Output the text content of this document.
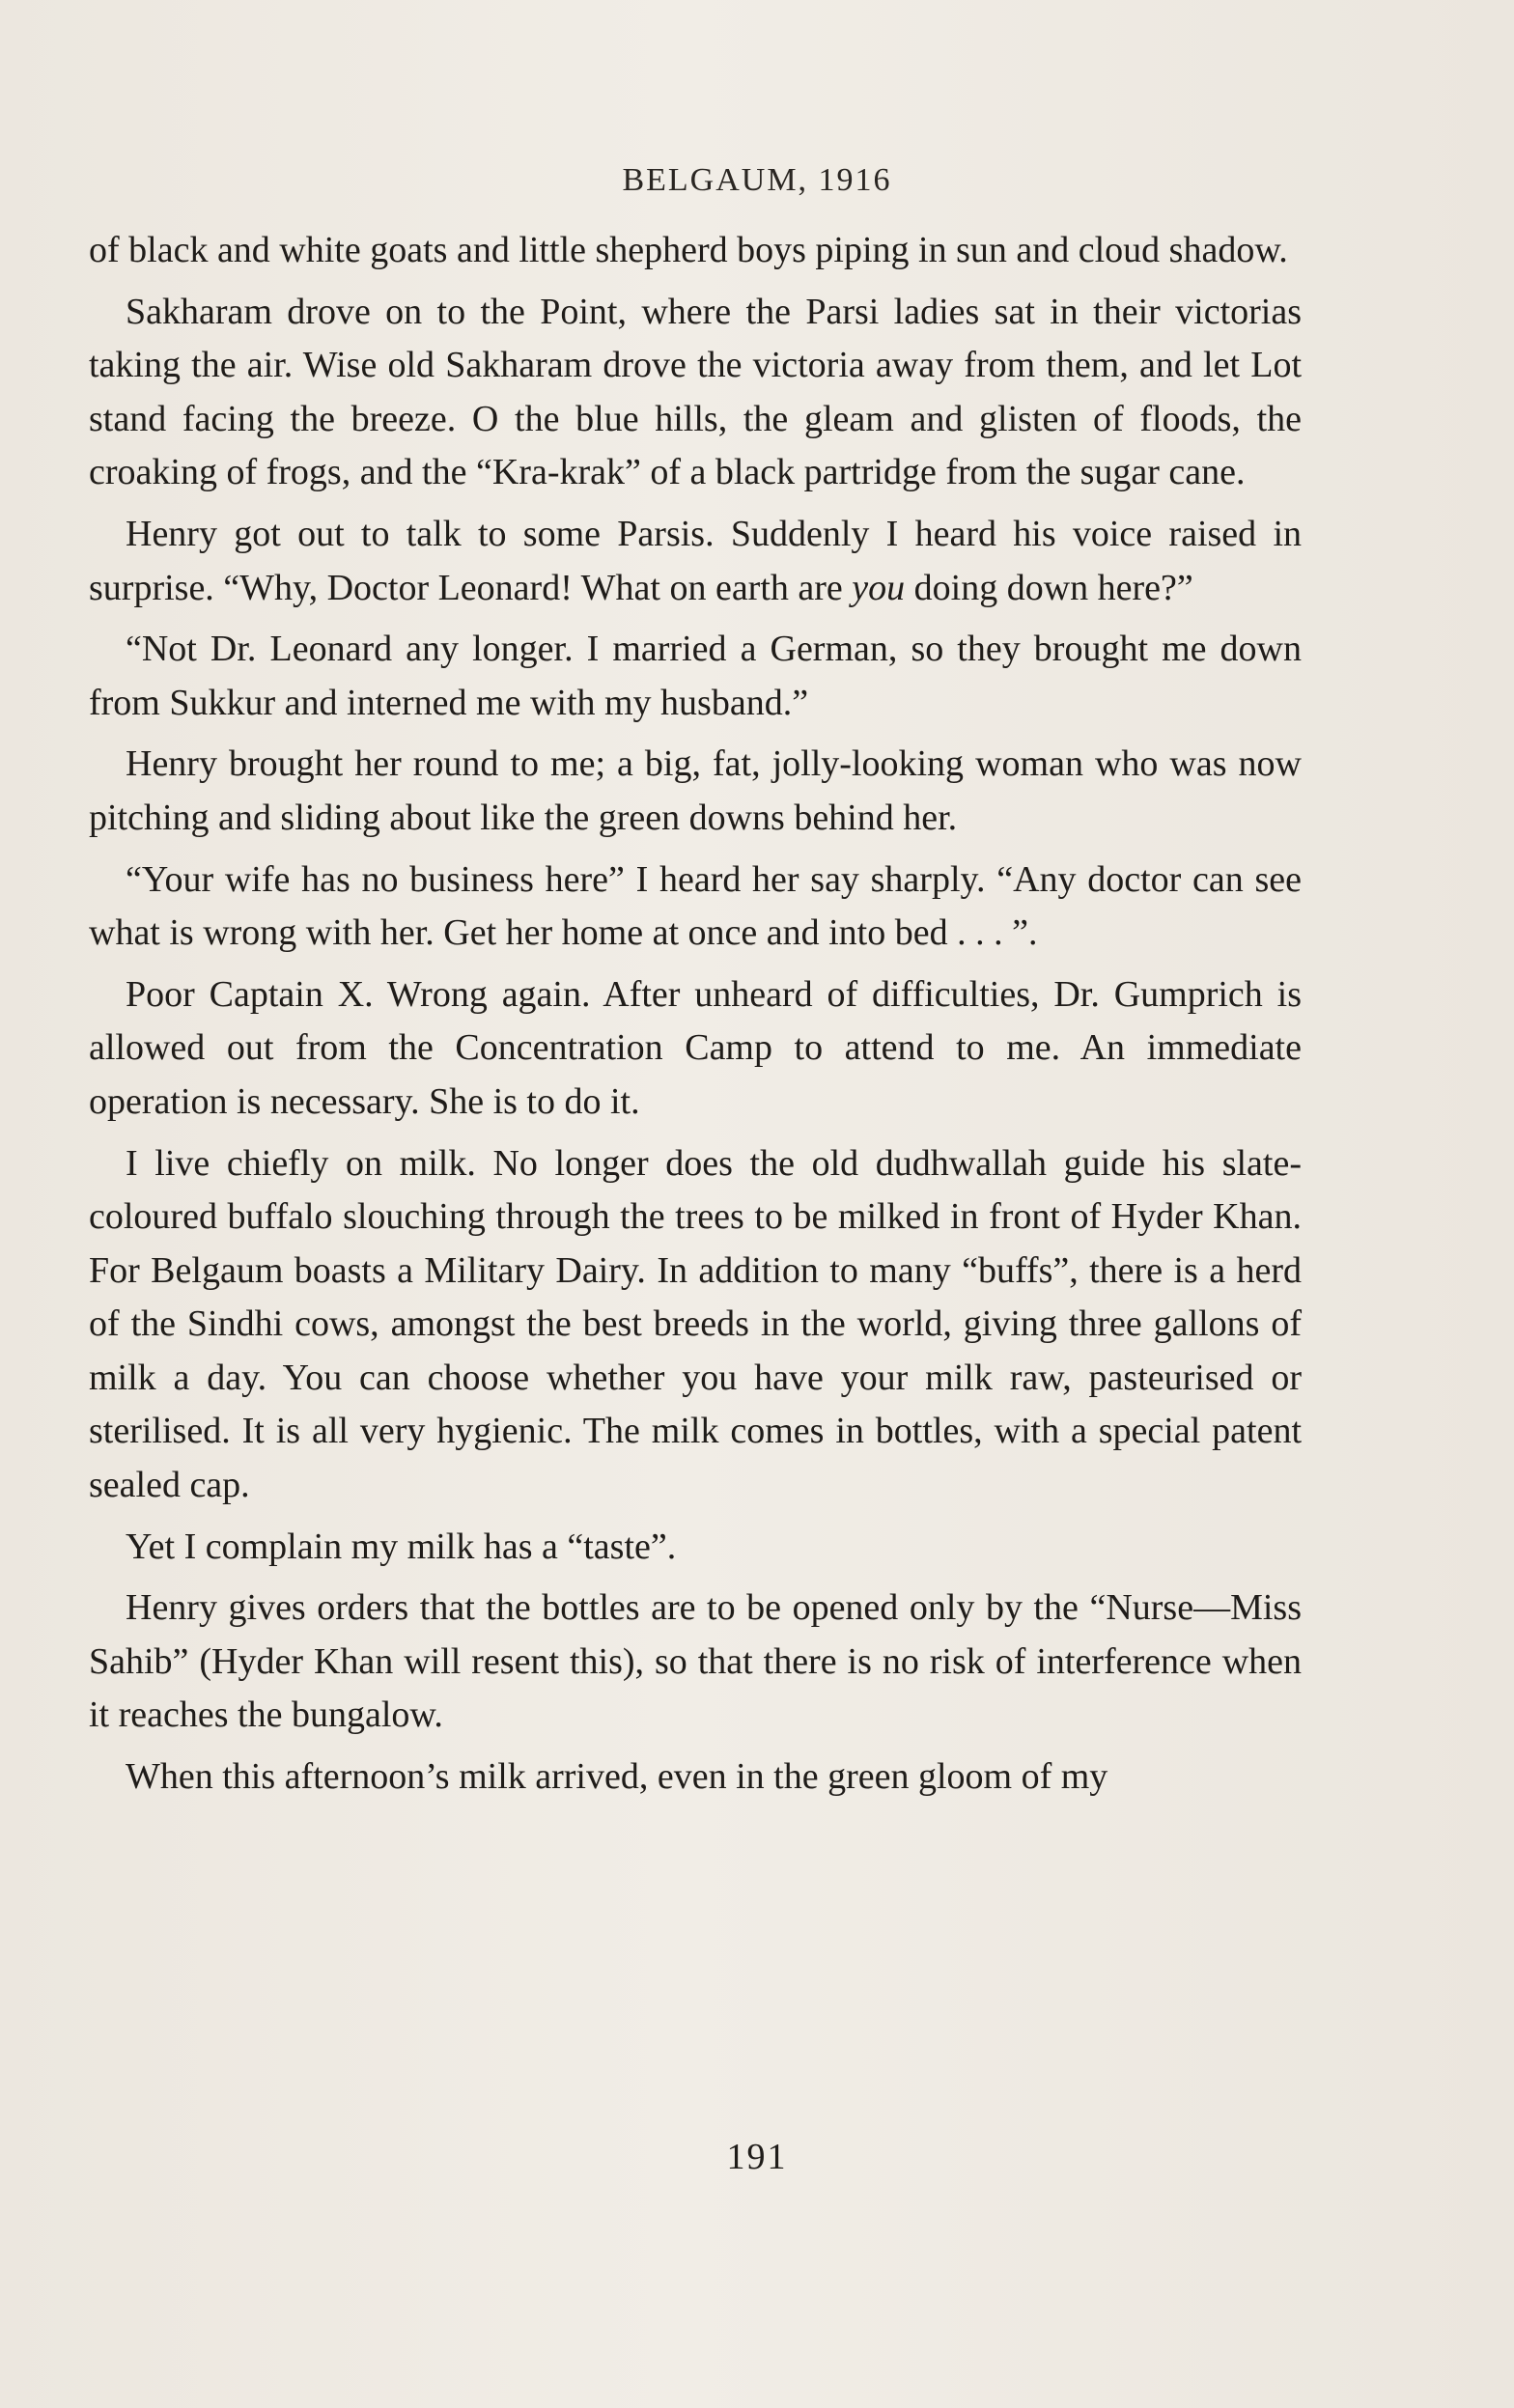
BELGAUM, 1916

of black and white goats and little shepherd boys piping in sun and cloud shadow.

Sakharam drove on to the Point, where the Parsi ladies sat in their victorias taking the air. Wise old Sakharam drove the victoria away from them, and let Lot stand facing the breeze. O the blue hills, the gleam and glisten of floods, the croaking of frogs, and the “Kra-krak” of a black partridge from the sugar cane.

Henry got out to talk to some Parsis. Suddenly I heard his voice raised in surprise. “Why, Doctor Leonard! What on earth are you doing down here?”

“Not Dr. Leonard any longer. I married a German, so they brought me down from Sukkur and interned me with my husband.”

Henry brought her round to me; a big, fat, jolly-looking woman who was now pitching and sliding about like the green downs behind her.

“Your wife has no business here” I heard her say sharply. “Any doctor can see what is wrong with her. Get her home at once and into bed . . . ”.

Poor Captain X. Wrong again. After unheard of difficulties, Dr. Gumprich is allowed out from the Concentration Camp to attend to me. An immediate operation is necessary. She is to do it.

I live chiefly on milk. No longer does the old dudhwallah guide his slate-coloured buffalo slouching through the trees to be milked in front of Hyder Khan. For Belgaum boasts a Military Dairy. In addition to many “buffs”, there is a herd of the Sindhi cows, amongst the best breeds in the world, giving three gallons of milk a day. You can choose whether you have your milk raw, pasteurised or sterilised. It is all very hygienic. The milk comes in bottles, with a special patent sealed cap.

Yet I complain my milk has a “taste”.

Henry gives orders that the bottles are to be opened only by the “Nurse—Miss Sahib” (Hyder Khan will resent this), so that there is no risk of interference when it reaches the bungalow.

When this afternoon’s milk arrived, even in the green gloom of my

191
